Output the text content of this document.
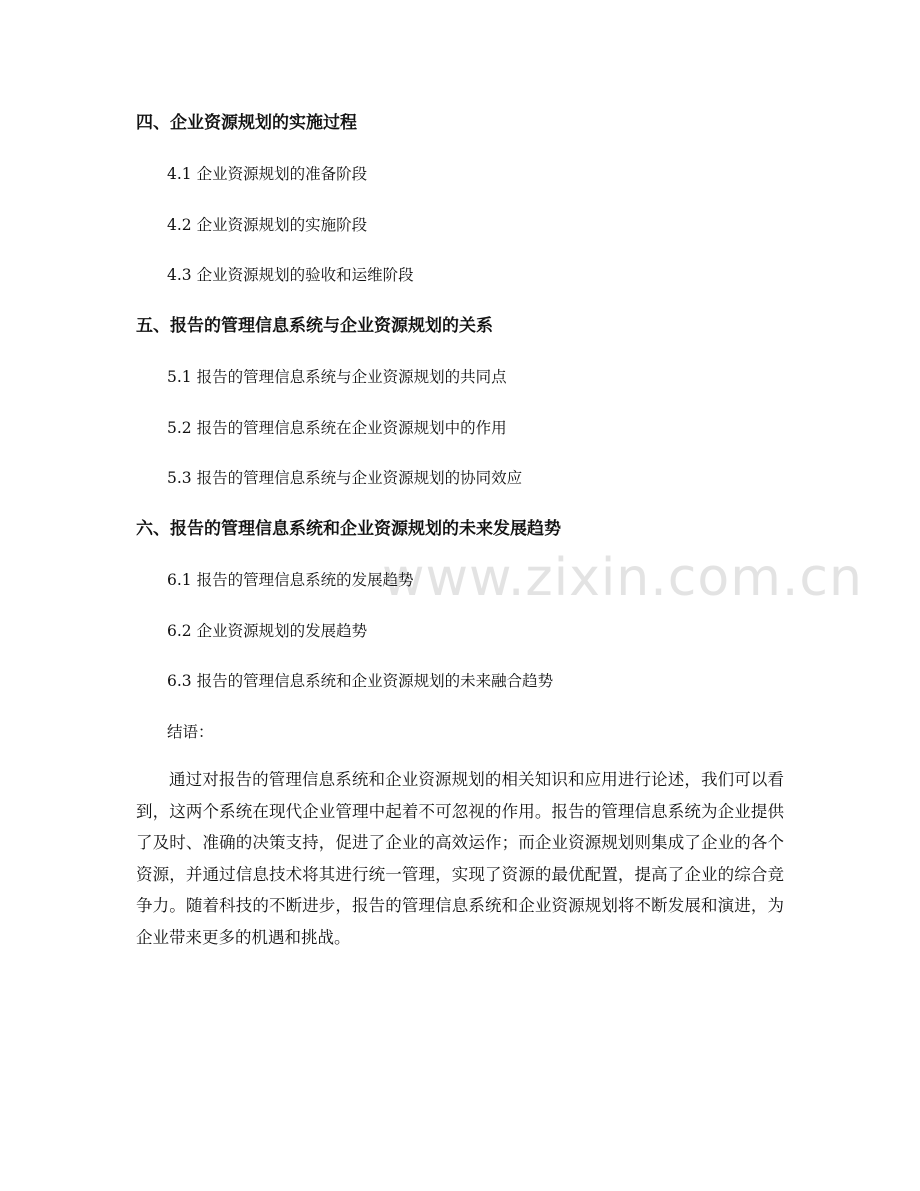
www.zixin.com.cn
四、企业资源规划的实施过程
4.1 企业资源规划的准备阶段
4.2 企业资源规划的实施阶段
4.3 企业资源规划的验收和运维阶段
五、报告的管理信息系统与企业资源规划的关系
5.1 报告的管理信息系统与企业资源规划的共同点
5.2 报告的管理信息系统在企业资源规划中的作用
5.3 报告的管理信息系统与企业资源规划的协同效应
六、报告的管理信息系统和企业资源规划的未来发展趋势
6.1 报告的管理信息系统的发展趋势
6.2 企业资源规划的发展趋势
6.3 报告的管理信息系统和企业资源规划的未来融合趋势
结语：

通过对报告的管理信息系统和企业资源规划的相关知识和应用进行论述，我们可以看到，这两个系统在现代企业管理中起着不可忽视的作用。报告的管理信息系统为企业提供了及时、准确的决策支持，促进了企业的高效运作；而企业资源规划则集成了企业的各个资源，并通过信息技术将其进行统一管理，实现了资源的最优配置，提高了企业的综合竞争力。随着科技的不断进步，报告的管理信息系统和企业资源规划将不断发展和演进，为企业带来更多的机遇和挑战。
